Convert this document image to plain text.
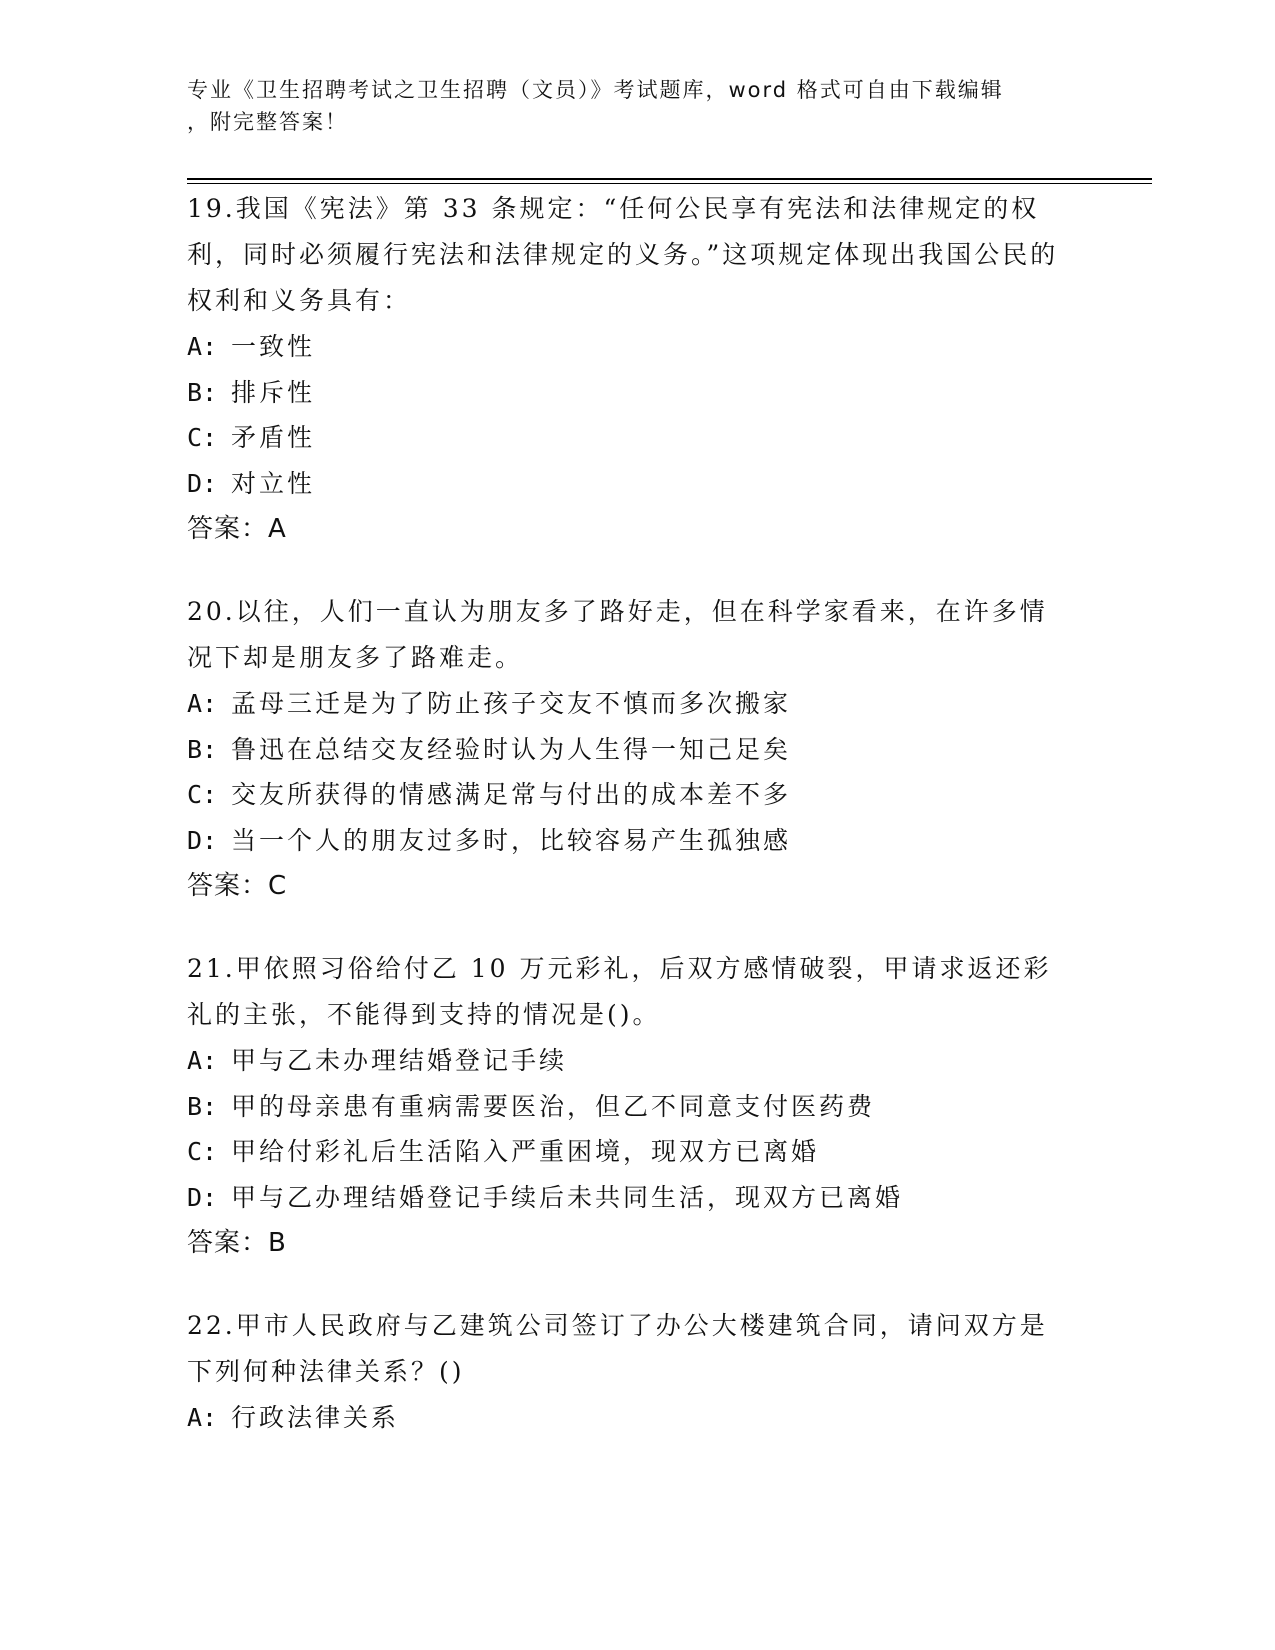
专业《卫生招聘考试之卫生招聘（文员）》考试题库，word 格式可自由下载编辑
，附完整答案！
19.我国《宪法》第 33 条规定：“任何公民享有宪法和法律规定的权利，同时必须履行宪法和法律规定的义务。”这项规定体现出我国公民的权利和义务具有：
A: 一致性
B: 排斥性
C: 矛盾性
D: 对立性
答案：A
20.以往，人们一直认为朋友多了路好走，但在科学家看来，在许多情况下却是朋友多了路难走。
A: 孟母三迁是为了防止孩子交友不慎而多次搬家
B: 鲁迅在总结交友经验时认为人生得一知己足矣
C: 交友所获得的情感满足常与付出的成本差不多
D: 当一个人的朋友过多时，比较容易产生孤独感
答案：C
21.甲依照习俗给付乙 10 万元彩礼，后双方感情破裂，甲请求返还彩礼的主张，不能得到支持的情况是()。
A: 甲与乙未办理结婚登记手续
B: 甲的母亲患有重病需要医治，但乙不同意支付医药费
C: 甲给付彩礼后生活陷入严重困境，现双方已离婚
D: 甲与乙办理结婚登记手续后未共同生活，现双方已离婚
答案：B
22.甲市人民政府与乙建筑公司签订了办公大楼建筑合同，请问双方是下列何种法律关系？()
A: 行政法律关系
